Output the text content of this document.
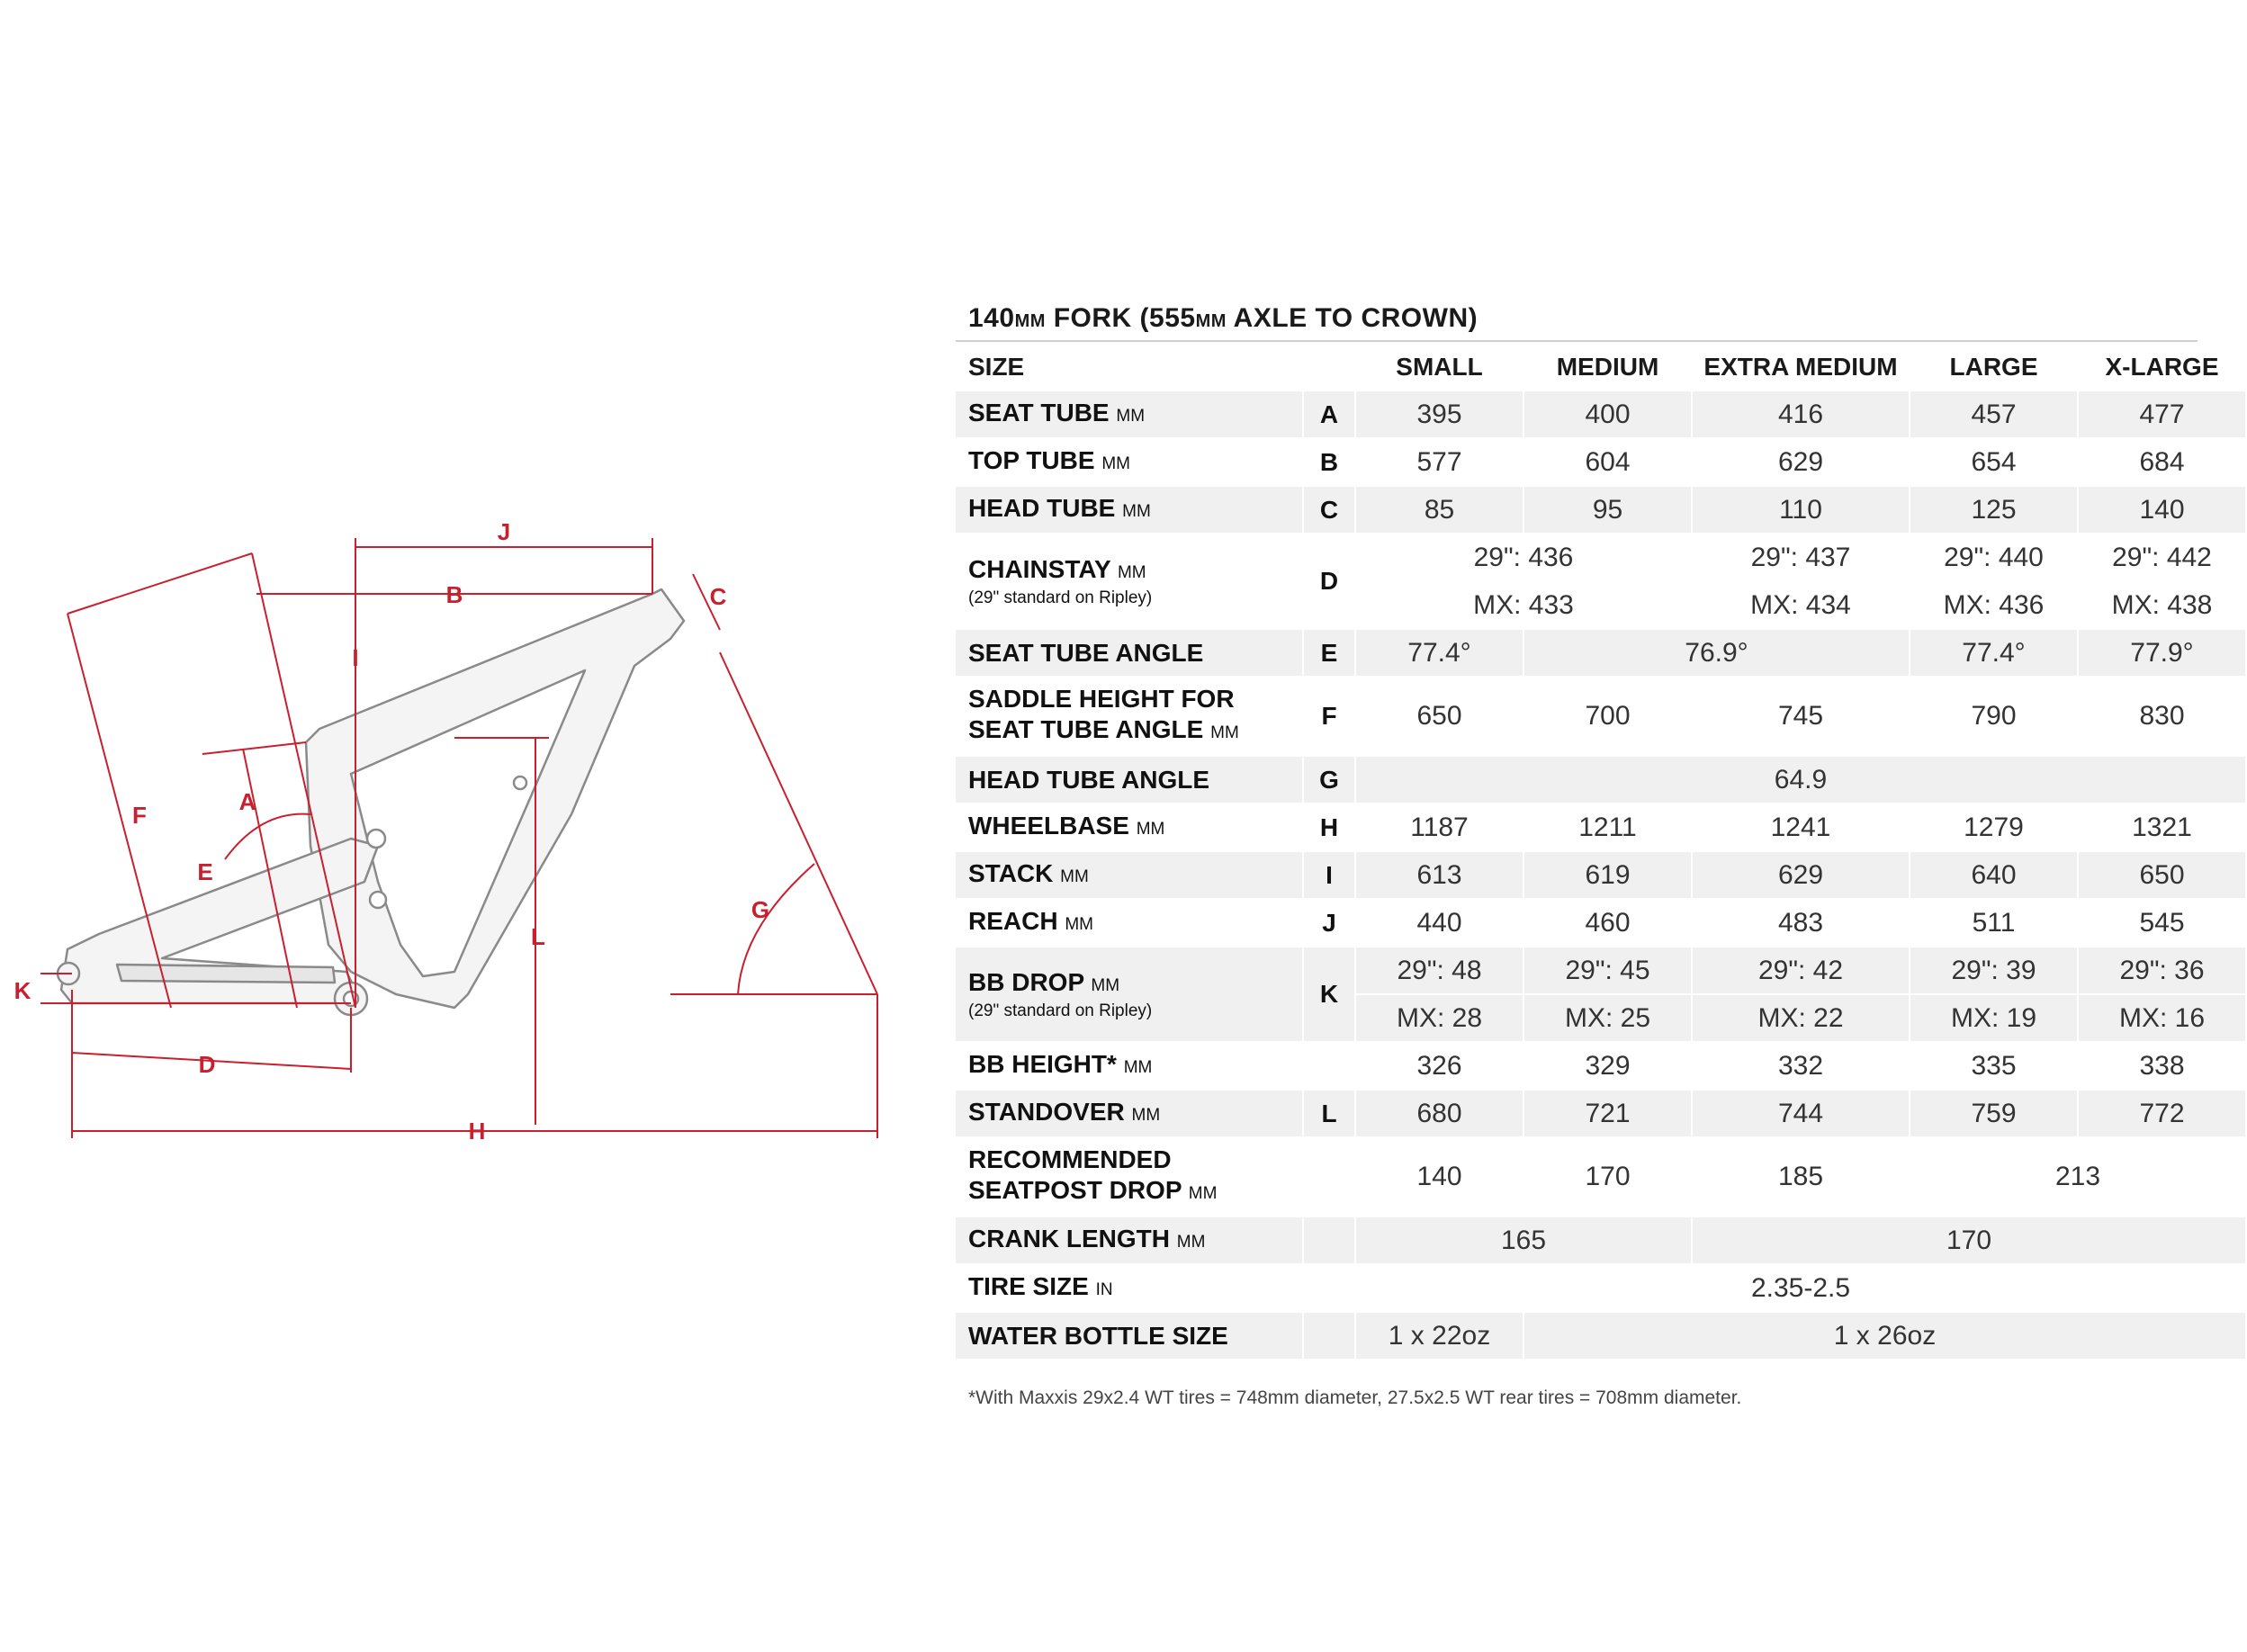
J
B	C
I
F	A
E
G
L
K
D
H
140MM FORK (555MM AXLE TO CROWN)
SIZE		SMALL	MEDIUM	EXTRA MEDIUM	LARGE	X-LARGE
SEAT TUBE MM	A	395	400	416	457	477
TOP TUBE MM	B	577	604	629	654	684
HEAD TUBE MM	C	85	95	110	125	140
CHAINSTAY MM
(29" standard on Ripley)	D	29": 436		29": 437	29": 440	29": 442
		MX: 433		MX: 434	MX: 436	MX: 438
SEAT TUBE ANGLE	E	77.4°	76.9°		77.4°	77.9°
SADDLE HEIGHT FOR
SEAT TUBE ANGLE MM	F	650	700	745	790	830
HEAD TUBE ANGLE	G	64.9				
WHEELBASE MM	H	1187	1211	1241	1279	1321
STACK MM	I	613	619	629	640	650
REACH MM	J	440	460	483	511	545
BB DROP MM
(29" standard on Ripley)	K	29": 48	29": 45	29": 42	29": 39	29": 36
		MX: 28	MX: 25	MX: 22	MX: 19	MX: 16
BB HEIGHT* MM		326	329	332	335	338
STANDOVER MM	L	680	721	744	759	772
RECOMMENDED
SEATPOST DROP MM		140	170	185	213	
CRANK LENGTH MM		165		170		
TIRE SIZE IN		2.35-2.5				
WATER BOTTLE SIZE		1 x 22oz	1 x 26oz			
*With Maxxis 29x2.4 WT tires = 748mm diameter, 27.5x2.5 WT rear tires = 708mm diameter.
